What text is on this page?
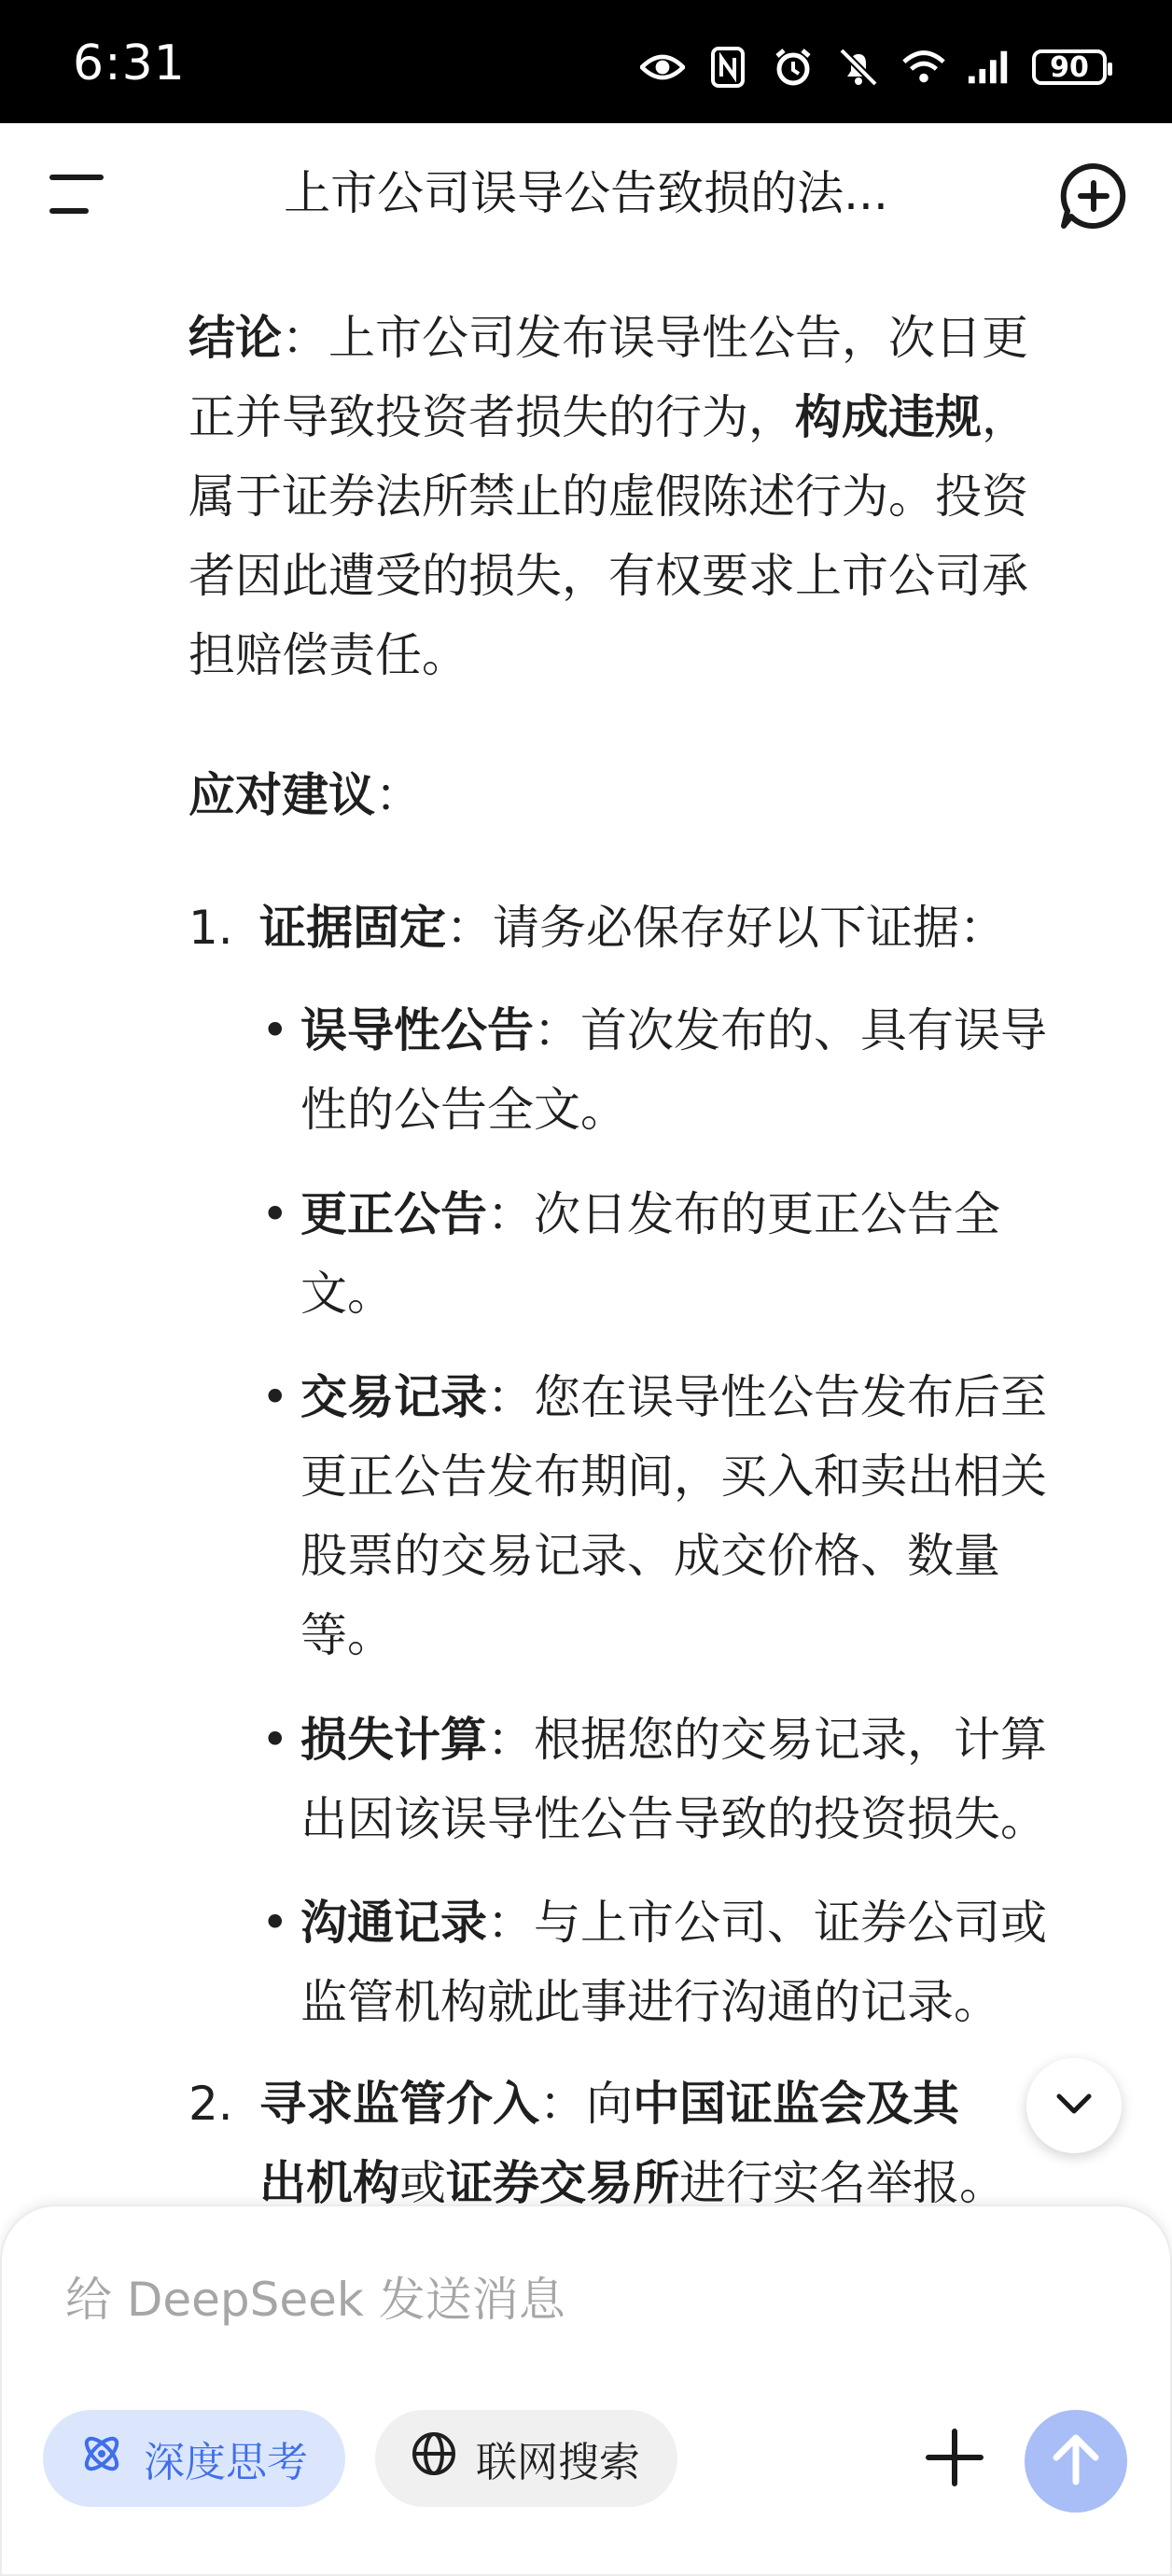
6:31	90
上市公司误导公告致损的法...

结论：上市公司发布误导性公告，次日更

正并导致投资者损失的行为，构成违规，

属于证券法所禁止的虚假陈述行为。投资

者因此遭受的损失，有权要求上市公司承

担赔偿责任。

应对建议：

1. 证据固定：请务必保存好以下证据：
• 误导性公告：首次发布的、具有误导
性的公告全文。
• 更正公告：次日发布的更正公告全
文。
• 交易记录：您在误导性公告发布后至
更正公告发布期间，买入和卖出相关
股票的交易记录、成交价格、数量
等。
• 损失计算：根据您的交易记录，计算
出因该误导性公告导致的投资损失。
• 沟通记录：与上市公司、证券公司或
监管机构就此事进行沟通的记录。
2. 寻求监管介入：向中国证监会及其
出机构或证券交易所进行实名举报。
给 DeepSeek 发送消息
深度思考	联网搜索
